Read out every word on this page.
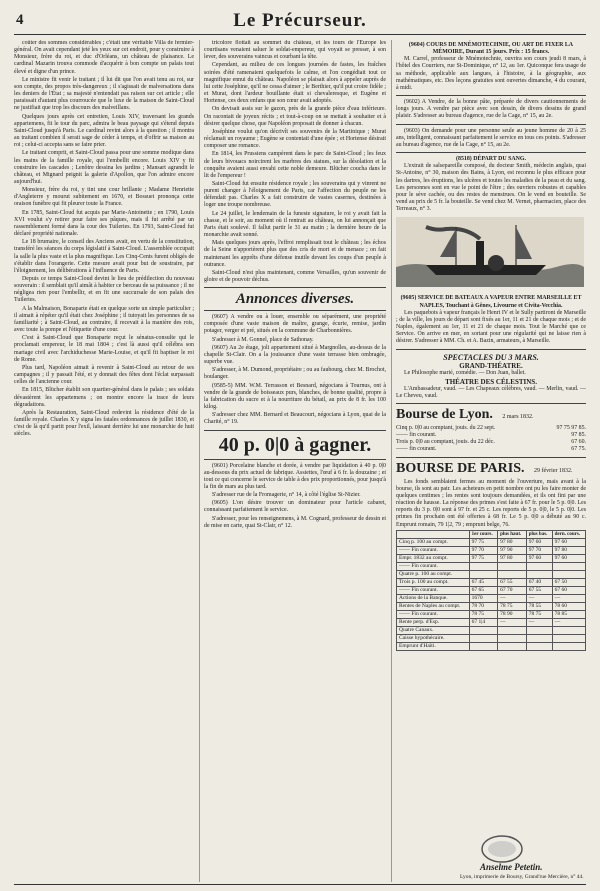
4	Le Précurseur.

coûter des sommes considérables ; c'était une véritable Villa de fermier-général. On avait cependant jeté les yeux sur cet endroit, pour y construire à Monsieur, frère du roi, et duc d'Orléans, un château de plaisance. Le cardinal Mazarin trouva commode d'acquérir à bon compte un palais tout élevé et digne d'un prince.

Le ministre fit venir le traitant ; il lui dit que l'on avait tenu au roi, sur son compte, des propos très-dangereux ; il s'agissait de malversations dans les deniers de l'État ; sa majesté n'entendait pas raison sur cet article ; elle paraissait d'autant plus courroucée que le luxe de la maison de Saint-Cloud ne justifiait que trop les discours des malveillans.

Quelques jours après cet entretien, Louis XIV, traversant les grands appartemens, fit le tour du parc, admira le beau paysage qui s'étend depuis Saint-Cloud jusqu'à Paris. Le cardinal revint alors à la question ; il montra au traitant combien il serait sage de céder à temps, et d'offrir sa maison au roi ; celui-ci accepta sans se faire prier.

Le traitant comprit, et Saint-Cloud passa pour une somme modique dans les mains de la famille royale, qui l'embellit encore. Louis XIV y fit construire les cascades ; Lenôtre dessina les jardins ; Mansart agrandit le château, et Mignard peignit la galerie d'Apollon, que l'on admire encore aujourd'hui.

Monsieur, frère du roi, y tint une cour brillante ; Madame Henriette d'Angleterre y mourut subitement en 1670, et Bossuet prononça cette oraison funèbre qui fit pleurer toute la France.

En 1785, Saint-Cloud fut acquis par Marie-Antoinette ; en 1790, Louis XVI voulut s'y retirer pour faire ses pâques, mais il fut arrêté par un rassemblement formé dans la cour des Tuileries. En 1793, Saint-Cloud fut déclaré propriété nationale.

Le 18 brumaire, le conseil des Anciens avait, en vertu de la constitution, transféré les séances du corps législatif à Saint-Cloud. L'assemblée occupait la salle la plus vaste et la plus magnifique. Les Cinq-Cents furent obligés de s'établir dans l'orangerie. Cette mesure avait pour but de soustraire, par l'éloignement, les délibérations à l'influence de Paris.

Depuis ce temps Saint-Cloud devint le lieu de prédilection du nouveau souverain : il semblait qu'il aimât à habiter ce berceau de sa puissance ; il ne négligea rien pour l'embellir, et en fit une succursale de son palais des Tuileries.

A la Malmaison, Bonaparte était en quelque sorte un simple particulier ; il aimait à répéter qu'il était chez Joséphine ; il tutoyait les personnes de sa familiarité ; à Saint-Cloud, au contraire, il recevait à la manière des rois, avec toute la pompe et l'étiquette d'une cour.

C'est à Saint-Cloud que Bonaparte reçut le sénatus-consulte qui le proclamait empereur, le 18 mai 1804 ; c'est là aussi qu'il célébra son mariage civil avec l'archiduchesse Marie-Louise, et qu'il fit baptiser le roi de Rome.

Plus tard, Napoléon aimait à revenir à Saint-Cloud au retour de ses campagnes ; il y passait l'été, et y donnait des fêtes dont l'éclat surpassait celles de l'ancienne cour.

En 1815, Blücher établit son quartier-général dans le palais ; ses soldats dévastèrent les appartemens ; on montre encore la trace de leurs dégradations.

Après la Restauration, Saint-Cloud redevint la résidence d'été de la famille royale. Charles X y signa les fatales ordonnances de juillet 1830, et c'est de là qu'il partit pour l'exil, laissant derrière lui une monarchie de huit siècles.

tricolore flottait au sommet du château, et les tours de l'Europe les courtisans venaient saluer le soldat-empereur, qui voyait se presser, à son lever, des souverains vaincus et courbant la tête.

Cependant, au milieu de ces longues journées de fastes, les fraîches soirées d'été ramenaient quelquefois le calme, et l'on congédiait tout ce magnifique ennui du château. Napoléon se plaisait alors à appeler auprès de lui cette Joséphine, qu'il ne cessa d'aimer ; le Berthier, qu'il put croire fidèle ; et Murat, dont l'ardeur bouillante était si chevaleresque, et Eugène et Hortense, ces deux enfans que son cœur avait adoptés.

On devisait assis sur le gazon, près de la grande pièce d'eau inférieure. On racontait de joyeux récits ; et tout-à-coup on se mettait à souhaiter et à désirer quelque chose, que Napoléon proposait de donner à chacun.

Joséphine voulut qu'on décrivît ses souvenirs de la Martinique ; Murat réclamait un royaume ; Eugène se contentait d'une épée ; et Hortense désirait composer une romance.

En 1814, les Prussiens campèrent dans le parc de Saint-Cloud ; les feux de leurs bivouacs noircirent les marbres des statues, sur la désolation et la conquête avaient aussi envahi cette noble demeure. Blücher coucha dans le lit de l'empereur !

Saint-Cloud fut ensuite résidence royale ; les souverains qui y vinrent ne purent changer à l'éloignement de Paris, car l'affection du peuple ne les défendait pas. Charles X a fait construire de vastes casernes, destinées à loger une troupe nombreuse.

Le 24 juillet, le lendemain de la funeste signature, le roi y avait fait la chasse, et le soir, au moment où il rentrait au château, on lui annonçait que Paris était soulevé. Il fallut partir le 31 au matin ; la dernière heure de la monarchie avait sonné.

Mais quelques jours après, l'effroi remplissait tout le château ; les échos de la Seine n'apportèrent plus que des cris de mort et de menace ; on fait maintenant les apprêts d'une défense inutile devant les coups d'un peuple à outrance.

Saint-Cloud n'est plus maintenant, comme Versailles, qu'un souvenir de gloire et de pouvoir déchus.

Annonces diverses.

(9607) A vendre ou à louer, ensemble ou séparément, une propriété composée d'une vaste maison de maître, grange, écurie, remise, jardin potager, verger et pré, situés en la commune de Charbonnières.

S'adresser à M. Gonnel, place de Sathonay.

(9607) Au 2e étage, joli appartement situé à Margnolles, au-dessus de la chapelle St-Clair. On a la jouissance d'une vaste terrasse bien ombragée, superbe vue.

S'adresser, à M. Dumond, propriétaire ; ou au faubourg, chez M. Brochot, boulanger.

(9585-5) MM. W.M. Terrasson et Besnard, négocians à Tournus, ont à vendre de la grande de boisseaux purs, blanches, de bonne qualité, propre à la fabrication du sucre et à la nourriture du bétail, au prix de 8 fr. les 100 kilog.

S'adresser chez MM. Bernard et Beaucourt, négocians à Lyon, quai de la Charité, n° 19.

40 p. 0|0 à gagner.

(9601) Porcelaine blanche et dorée, à vendre par liquidation à 40 p. 0|0 au-dessous du prix actuel de fabrique. Assiettes, l'œuf à 6 fr. la douzaine ; et tout ce qui concerne le service de table à des prix proportionnés, pour jusqu'à la fin de mars au plus tard.

S'adresser rue de la Fromagerie, n° 14, à côté l'église St-Nizier.

(9605) L'on désire trouver un dominateur pour l'article cabaret, connaissant parfaitement le service.

S'adresser, pour les renseignemens, à M. Cognard, professeur de dessin et de mise en carte, quai St-Clair, n° 12.

(9604) COURS DE MNÉMOTECHNIE, OU ART DE FIXER LA MÉMOIRE, Durant 15 jours. Prix : 15 francs.

M. Carrel, professeur de Mnémotechnie, ouvrira son cours jeudi 8 mars, à l'hôtel des Courriers, rue St-Dominique, n° 12, au 1er. Quiconque fera usage de sa méthode, applicable aux langues, à l'histoire, à la géographie, aux mathématiques, etc. Des leçons gratuites sont ouvertes dimanche, 4 du courant, à midi.

(9602) A Vendre, de la bonne pâte, préparée de divers cautionnements de longs jours. A vendre par pièce avec son dessin, de divers dessins de grand plaisir. S'adresser au bureau d'agence, rue de la Cage, n° 15, au 2e.

(9603) On demande pour une personne seule au jeune homme de 20 à 25 ans, intelligent, connaissant parfaitement le service en tous ces points. S'adresser au bureau d'agence, rue de la Cage, n° 15, au 2e.

(8518) DÉPART DU SANG.

L'extrait de salsepareille composé, du docteur Smith, médecin anglais, quai St-Antoine, n° 30, maison des Bains, à Lyon, est reconnu le plus efficace pour les dartres, les éruptions, les ulcères et toutes les maladies de la peau et du sang. Les personnes sont en vue le point de l'être ; des ouvriers robustes et capables pour le sève cachée, ou des restes de menstrues. On le vend en bouteille. Se vend au prix de 5 fr. la bouteille. Se vend chez M. Vernet, pharmacien, place des Terreaux, n° 3.

(9605) SERVICE DE BATEAUX A VAPEUR ENTRE MARSEILLE ET NAPLES, Touchant à Gênes, Livourne et Civita-Vecchia.

Les paquebots à vapeur français le Henri IV et le Sully partiront de Marseille ; de la ville, les jours de départ sont fixés au 1er, 11 et 21 de chaque mois ; et de Naples, également au 1er, 11 et 21 de chaque mois. Tout le Marché que ce Service. On arrive en mer, en sortant pour une régularité qui ne laisse rien à désirer. S'adresser à MM. Ch. et A. Bazin, armateurs, à Marseille.

SPECTACLES DU 3 MARS.
GRAND-THÉATRE.

Le Philosophe marié, comédie. — Don Juan, ballet.

THÉATRE DES CÉLESTINS.

L'Ambassadeur, vaud. — Les Chapeaux célèbres, vaud. — Merlin, vaud. — Le Cheveu, vaud.

Bourse de Lyon. 2 mars 1832.
Cinq p. 0|0 au comptant, jouis. du 22 sept.	97 75 97 85.
—— fin courant.	97 85.
Trois p. 0|0 au comptant, jouis. du 22 déc.	67 60.
—— fin courant.	67 75.
BOURSE DE PARIS. 29 février 1832.

Les fonds semblaient fermes au moment de l'ouverture, mais avant à la bourse, ils sont au pair. Les acheteurs en petit nombre ont pu les faire monter de quelques centimes ; les rentes sont toujours demandées, et ils ont fini par une réaction de hausse. La réponse des primes s'est faite à 67 fr. pour le 5 p. 0|0. Les reports du 3 p. 0|0 sont à 97 fr. et 25 c. Les reports de 5 p. 0|0, le 5 p. 0|0. Les primes fin prochain ont été offertes à 68 fr. Le 5 p. 0|0 a débuté au 90 c. Emprunt romain, 79 1|2, 79 ; emprunt belge, 76.

	1er cours.	plus haut.	plus bas.	dern. cours.
Cinq p. 100 au compt.	97 75	97 80	97 60	97 60
—— Fin courant.	97 70	97 90	97 70	97 80
Empr. 1832 au compt.	97 75	97 80	97 60	97 60
—— Fin courant.				
Quatre p. 100 au compt.				
Trois p. 100 au compt.	67 45	67 55	67 40	67 50
—— Fin courant.	67 65	67 70	67 55	67 60
Actions de la Banque.	1670	—	—	—
Rentes de Naples au compt.	78 70	78 75	78 55	78 60
—— Fin courant.	78 75	78 90	78 75	78 85
Rente perp. d'Esp.	67 1|4	—	—	—
Quatre Canaux.				
Caisse hypothécaire.				
Emprunt d'Haïti.				
Anselme Petetin.
Lyon, imprimerie de Boursy, Grand'rue Mercière, n° 44.
